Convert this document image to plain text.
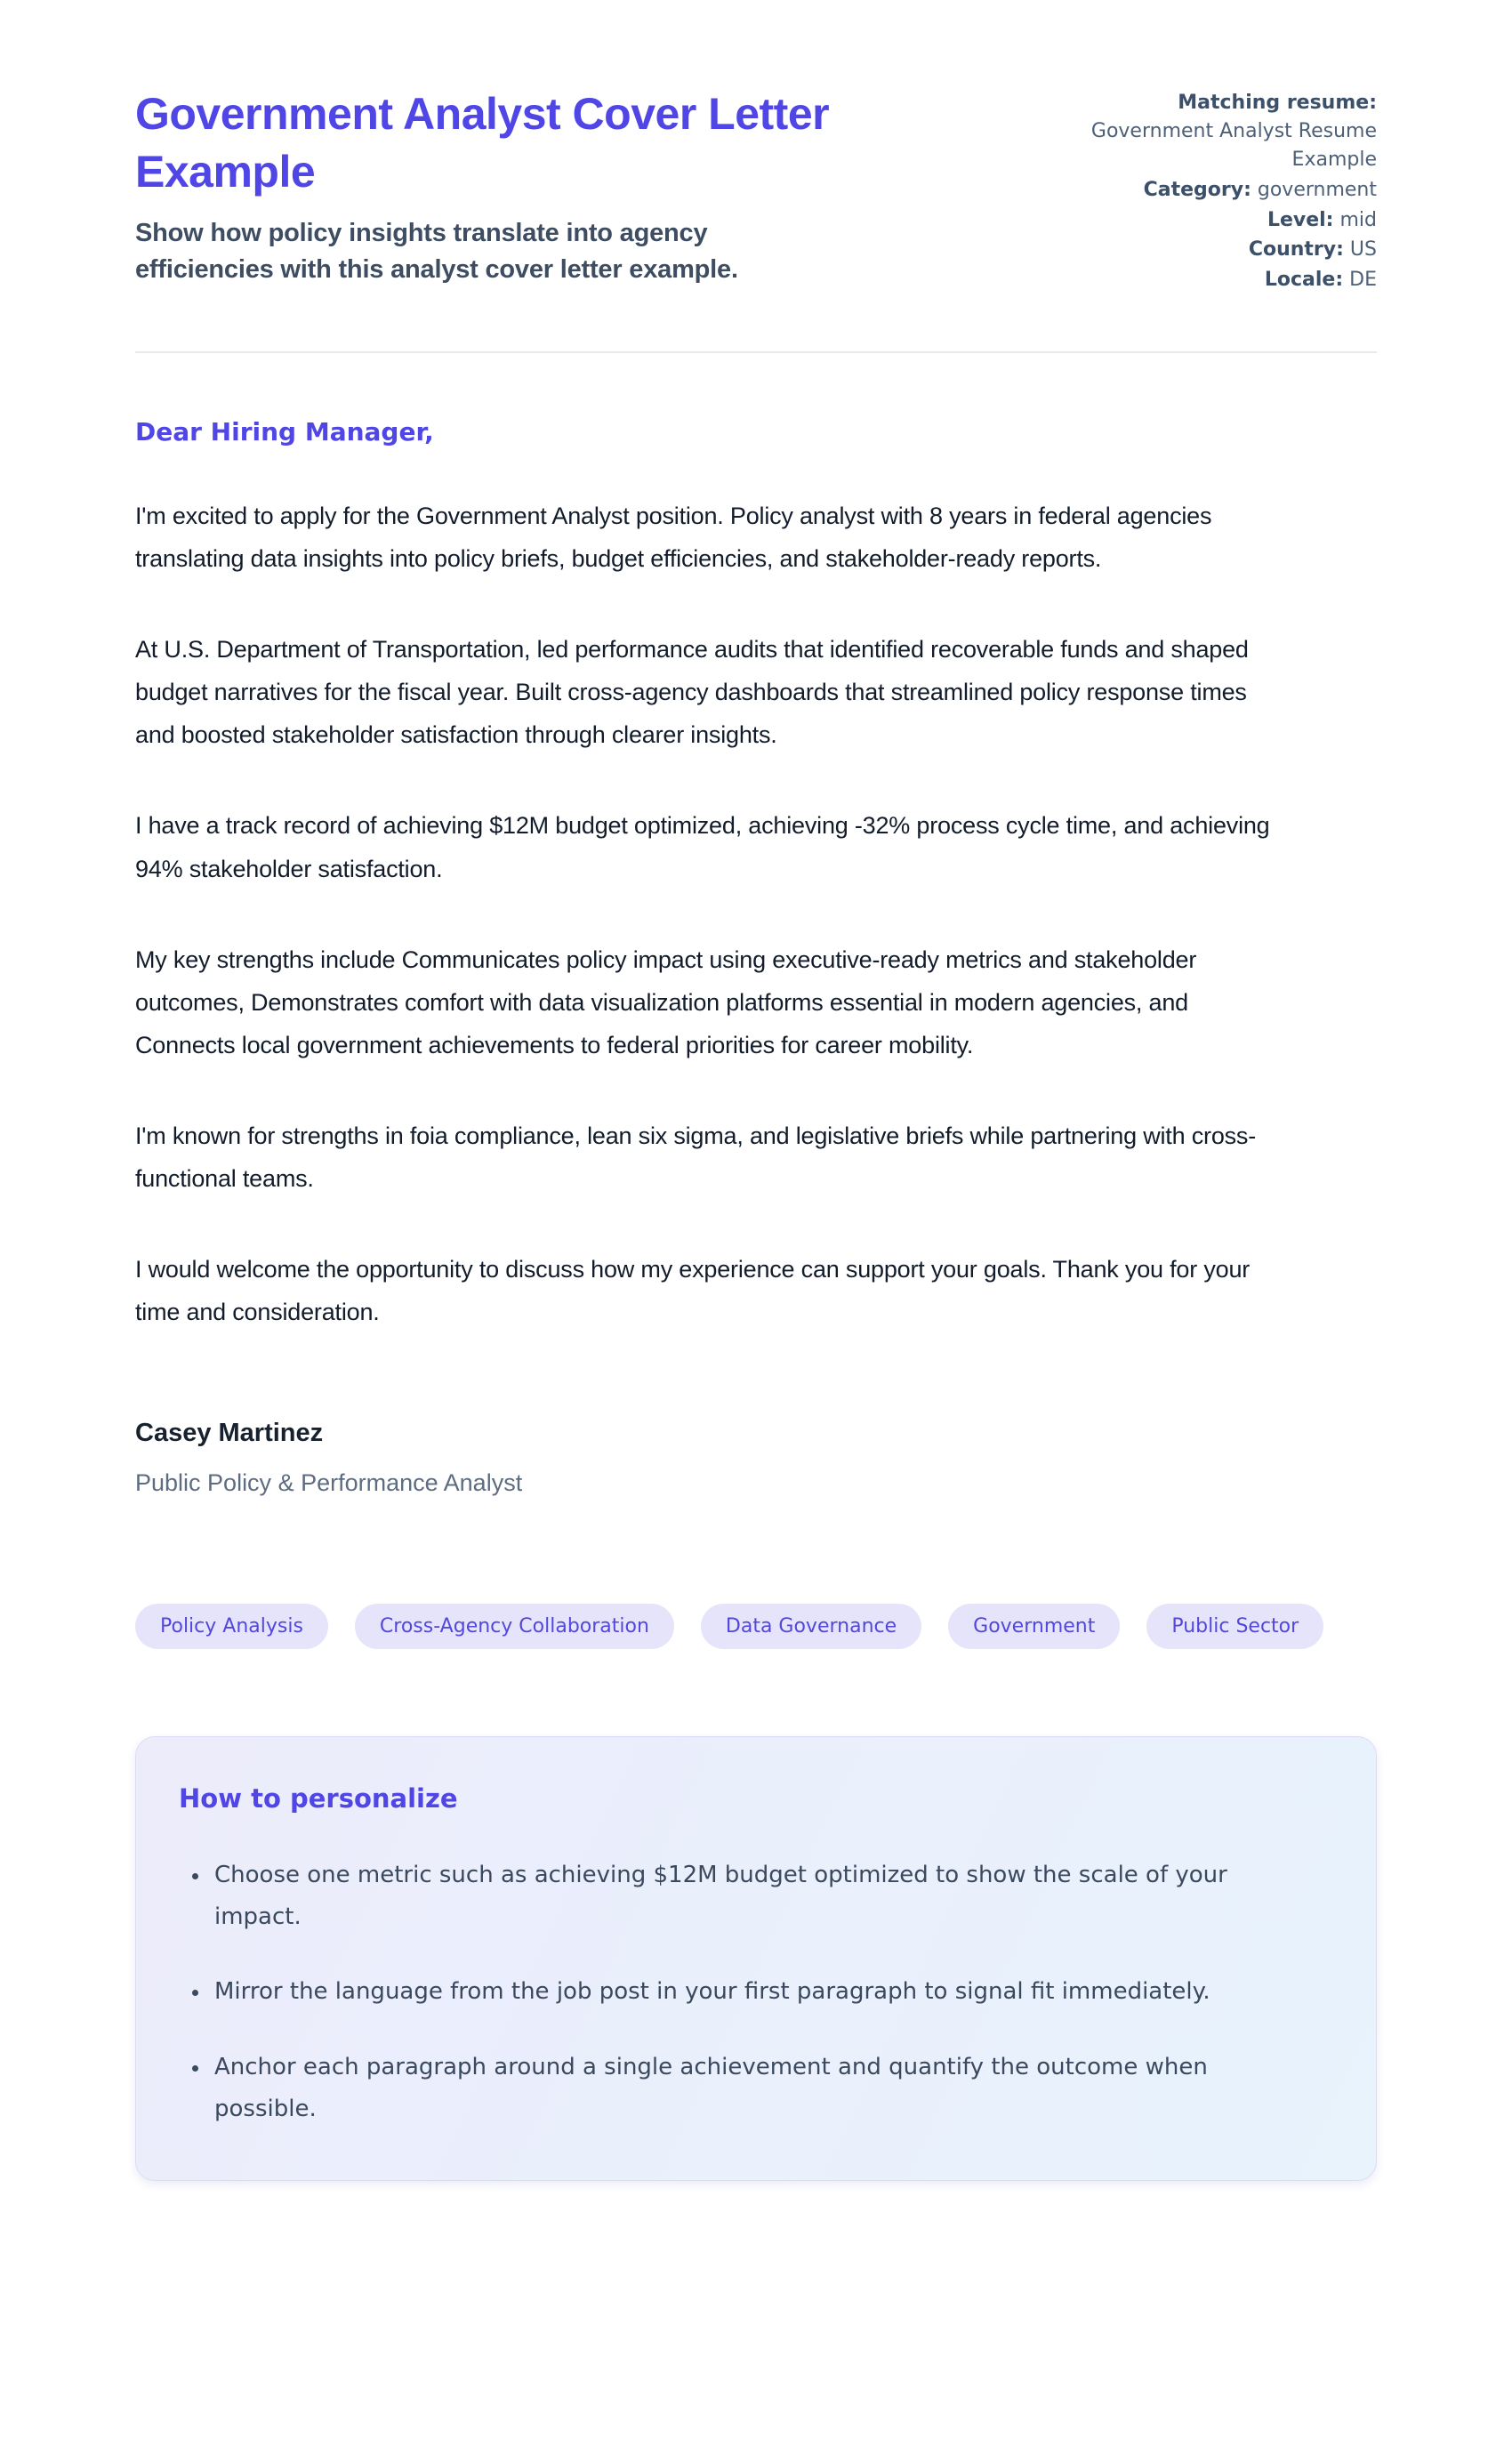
Government Analyst Cover Letter Example

Show how policy insights translate into agency efficiencies with this analyst cover letter example.

Matching resume:
Government Analyst Resume Example
Category: government
Level: mid
Country: US
Locale: DE

Dear Hiring Manager,

I'm excited to apply for the Government Analyst position. Policy analyst with 8 years in federal agencies translating data insights into policy briefs, budget efficiencies, and stakeholder-ready reports.

At U.S. Department of Transportation, led performance audits that identified recoverable funds and shaped budget narratives for the fiscal year. Built cross-agency dashboards that streamlined policy response times and boosted stakeholder satisfaction through clearer insights.

I have a track record of achieving $12M budget optimized, achieving -32% process cycle time, and achieving 94% stakeholder satisfaction.

My key strengths include Communicates policy impact using executive-ready metrics and stakeholder outcomes, Demonstrates comfort with data visualization platforms essential in modern agencies, and Connects local government achievements to federal priorities for career mobility.

I'm known for strengths in foia compliance, lean six sigma, and legislative briefs while partnering with cross-functional teams.

I would welcome the opportunity to discuss how my experience can support your goals. Thank you for your time and consideration.

Casey Martinez

Public Policy & Performance Analyst

Policy Analysis	Cross-Agency Collaboration	Data Governance	Government	Public Sector
How to personalize
• Choose one metric such as achieving $12M budget optimized to show the scale of your impact.
• Mirror the language from the job post in your first paragraph to signal fit immediately.
• Anchor each paragraph around a single achievement and quantify the outcome when possible.
